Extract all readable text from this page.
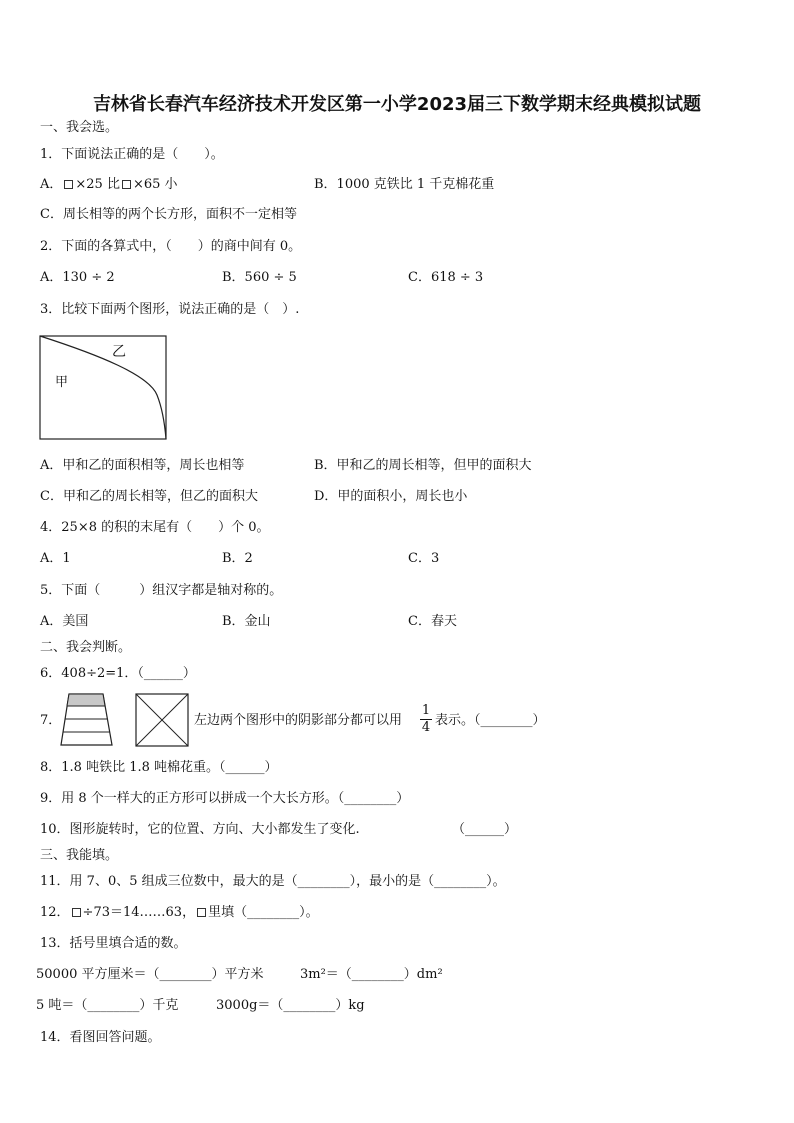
吉林省长春汽车经济技术开发区第一小学2023届三下数学期末经典模拟试题
一、我会选。
1．下面说法正确的是（　　）。
A． ×25 比 ×65 小	B．1000 克铁比 1 千克棉花重
C．周长相等的两个长方形，面积不一定相等
2．下面的各算式中，（　　）的商中间有 0。
A．130 ÷ 2	B．560 ÷ 5	C．618 ÷ 3
3．比较下面两个图形，说法正确的是（　）.
乙
甲
A．甲和乙的面积相等，周长也相等	B．甲和乙的周长相等，但甲的面积大
C．甲和乙的周长相等，但乙的面积大	D．甲的面积小，周长也小
4．25×8 的积的末尾有（　　）个 0。
A．1	B．2	C．3
5．下面（　　　）组汉字都是轴对称的。
A．美国	B．金山	C．春天
二、我会判断。
6．408÷2=1．（______）
7．	左边两个图形中的阴影部分都可以用 $\frac{1}{4}$ 表示。（________）
8．1.8 吨铁比 1.8 吨棉花重。（______）
9．用 8 个一样大的正方形可以拼成一个大长方形。（________）
10．图形旋转时，它的位置、方向、大小都发生了变化.	（______）
三、我能填。
11．用 7、0、5 组成三位数中，最大的是（________），最小的是（________）。
12． ÷73＝14……63， 里填（________）。
13．括号里填合适的数。
50000 平方厘米＝（________）平方米	3m²＝（________）dm²
5 吨＝（________）千克	3000g＝（________）kg
14．看图回答问题。
